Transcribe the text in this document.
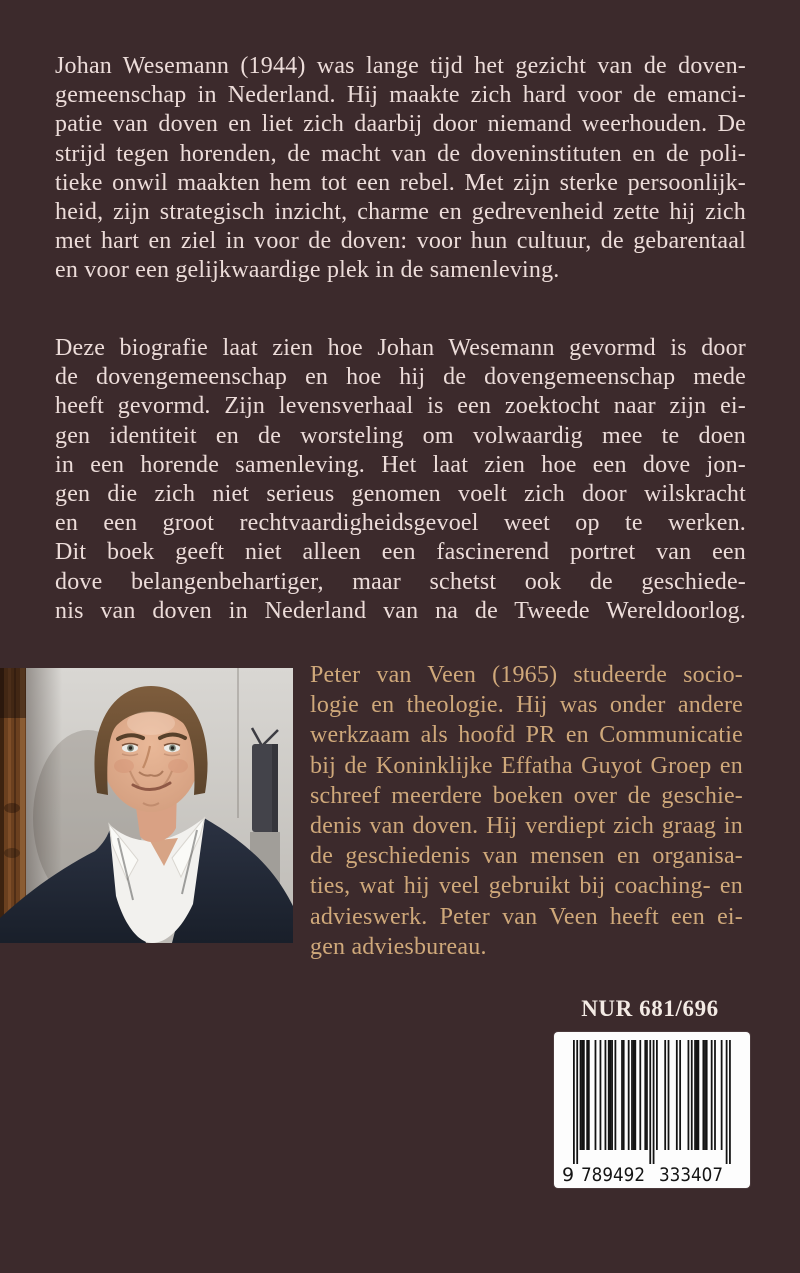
Johan Wesemann (1944) was lange tijd het gezicht van de doven-
gemeenschap in Nederland. Hij maakte zich hard voor de emanci-
patie van doven en liet zich daarbij door niemand weerhouden. De
strijd tegen horenden, de macht van de doveninstituten en de poli-
tieke onwil maakten hem tot een rebel. Met zijn sterke persoonlijk-
heid, zijn strategisch inzicht, charme en gedrevenheid zette hij zich
met hart en ziel in voor de doven: voor hun cultuur, de gebarentaal
en voor een gelijkwaardige plek in de samenleving.
Deze biografie laat zien hoe Johan Wesemann gevormd is door
de dovengemeenschap en hoe hij de dovengemeenschap mede
heeft gevormd. Zijn levensverhaal is een zoektocht naar zijn ei-
gen identiteit en de worsteling om volwaardig mee te doen
in een horende samenleving. Het laat zien hoe een dove jon-
gen die zich niet serieus genomen voelt zich door wilskracht
en een groot rechtvaardigheidsgevoel weet op te werken.
Dit boek geeft niet alleen een fascinerend portret van een
dove belangenbehartiger, maar schetst ook de geschiede-
nis van doven in Nederland van na de Tweede Wereldoorlog.
Peter van Veen (1965) studeerde socio-
logie en theologie. Hij was onder andere
werkzaam als hoofd PR en Communicatie
bij de Koninklijke Effatha Guyot Groep en
schreef meerdere boeken over de geschie-
denis van doven. Hij verdiept zich graag in
de geschiedenis van mensen en organisa-
ties, wat hij veel gebruikt bij coaching- en
advieswerk. Peter van Veen heeft een ei-
gen adviesbureau.
NUR 681/696
9 789492 333407
